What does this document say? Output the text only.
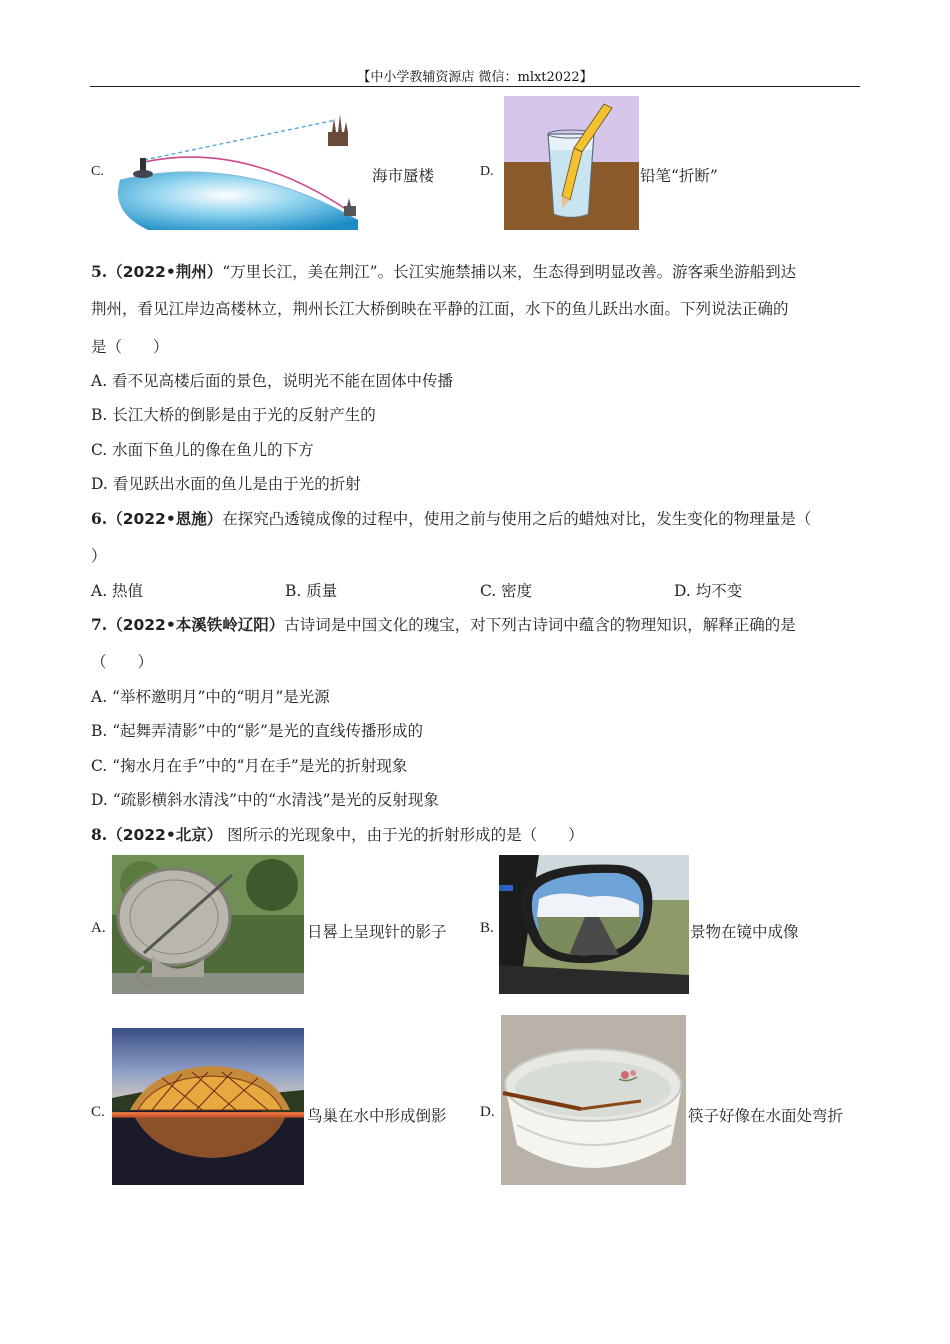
【中小学教辅资源店 微信：mlxt2022】
C.	海市蜃楼	D.	铅笔“折断”
5.（2022•荆州）“万里长江，美在荆江”。长江实施禁捕以来，生态得到明显改善。游客乘坐游船到达
荆州，看见江岸边高楼林立，荆州长江大桥倒映在平静的江面，水下的鱼儿跃出水面。下列说法正确的
是（　　）
A. 看不见高楼后面的景色，说明光不能在固体中传播
B. 长江大桥的倒影是由于光的反射产生的
C. 水面下鱼儿的像在鱼儿的下方
D. 看见跃出水面的鱼儿是由于光的折射
6.（2022•恩施）在探究凸透镜成像的过程中，使用之前与使用之后的蜡烛对比，发生变化的物理量是（
）
A. 热值	B. 质量	C. 密度	D. 均不变
7.（2022•本溪铁岭辽阳）古诗词是中国文化的瑰宝，对下列古诗词中蕴含的物理知识，解释正确的是
（　　）
A. “举杯邀明月”中的“明月”是光源
B. “起舞弄清影”中的“影”是光的直线传播形成的
C. “掬水月在手”中的“月在手”是光的折射现象
D. “疏影横斜水清浅”中的“水清浅”是光的反射现象
8.（2022•北京） 图所示的光现象中，由于光的折射形成的是（　　）
A.	日晷上呈现针的影子 B.	景物在镜中成像
C.	鸟巢在水中形成倒影 D.	筷子好像在水面处弯折
